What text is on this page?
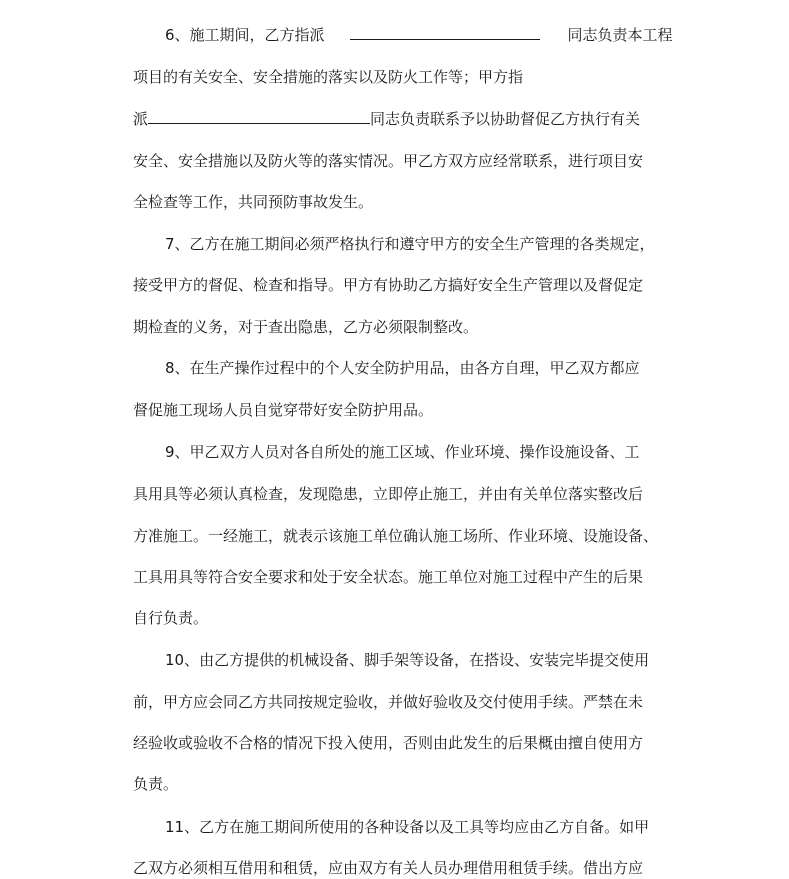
6、施工期间，乙方指派	同志负责本工程
项目的有关安全、安全措施的落实以及防火工作等；甲方指
派	同志负责联系予以协助督促乙方执行有关
安全、安全措施以及防火等的落实情况。甲乙方双方应经常联系，进行项目安
全检查等工作，共同预防事故发生。
7、乙方在施工期间必须严格执行和遵守甲方的安全生产管理的各类规定，
接受甲方的督促、检查和指导。甲方有协助乙方搞好安全生产管理以及督促定
期检查的义务，对于查出隐患，乙方必须限制整改。
8、在生产操作过程中的个人安全防护用品，由各方自理，甲乙双方都应
督促施工现场人员自觉穿带好安全防护用品。
9、甲乙双方人员对各自所处的施工区域、作业环境、操作设施设备、工
具用具等必须认真检查，发现隐患，立即停止施工，并由有关单位落实整改后
方准施工。一经施工，就表示该施工单位确认施工场所、作业环境、设施设备、
工具用具等符合安全要求和处于安全状态。施工单位对施工过程中产生的后果
自行负责。
10、由乙方提供的机械设备、脚手架等设备，在搭设、安装完毕提交使用
前，甲方应会同乙方共同按规定验收，并做好验收及交付使用手续。严禁在未
经验收或验收不合格的情况下投入使用，否则由此发生的后果概由擅自使用方
负责。
11、乙方在施工期间所使用的各种设备以及工具等均应由乙方自备。如甲
乙双方必须相互借用和租赁，应由双方有关人员办理借用租赁手续。借出方应
